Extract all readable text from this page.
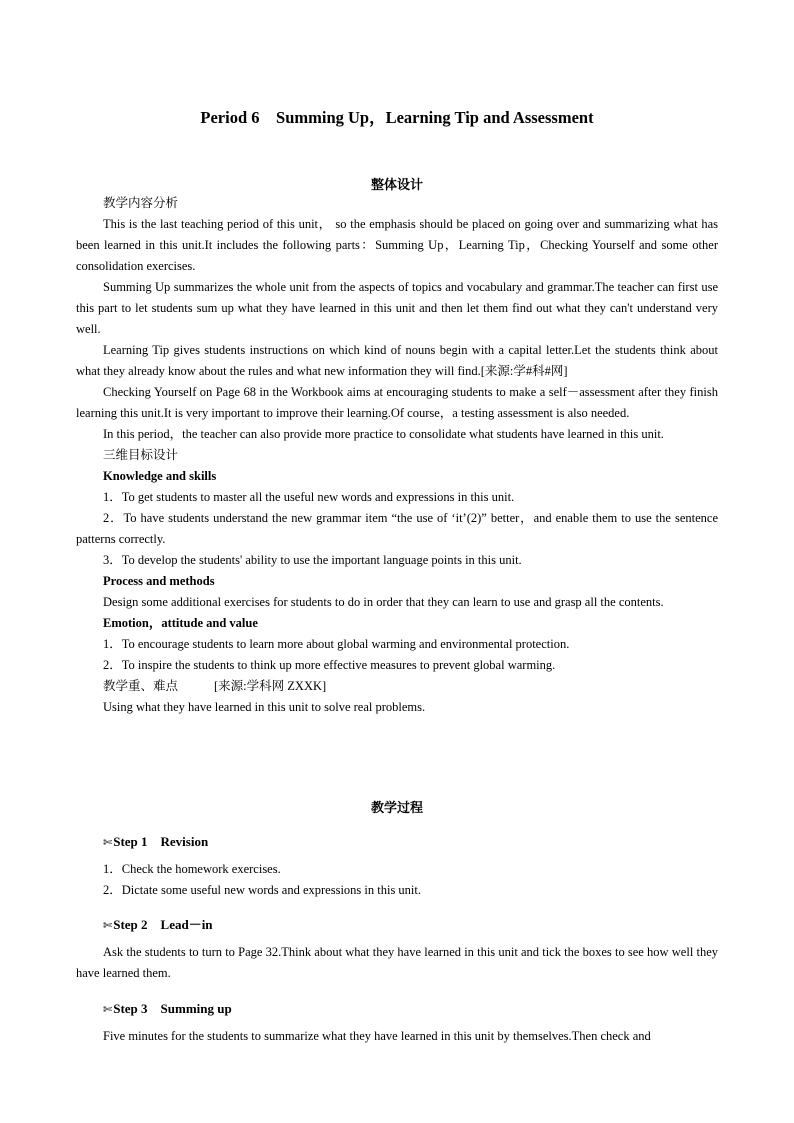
Period 6　Summing Up，Learning Tip and Assessment
整体设计

教学内容分析

This is the last teaching period of this unit， so the emphasis should be placed on going over and summarizing what has been learned in this unit.It includes the following parts：Summing Up，Learning Tip，Checking Yourself and some other consolidation exercises.

Summing Up summarizes the whole unit from the aspects of topics and vocabulary and grammar.The teacher can first use this part to let students sum up what they have learned in this unit and then let them find out what they can't understand very well.

Learning Tip gives students instructions on which kind of nouns begin with a capital letter.Let the students think about what they already know about the rules and what new information they will find.[来源:学#科#网]

Checking Yourself on Page 68 in the Workbook aims at encouraging students to make a self－assessment after they finish learning this unit.It is very important to improve their learning.Of course，a testing assessment is also needed.

In this period，the teacher can also provide more practice to consolidate what students have learned in this unit.

三维目标设计

Knowledge and skills

1．To get students to master all the useful new words and expressions in this unit.

2．To have students understand the new grammar item “the use of ‘it’(2)” better，and enable them to use the sentence patterns correctly.

3．To develop the students' ability to use the important language points in this unit.

Process and methods

Design some additional exercises for students to do in order that they can learn to use and grasp all the contents.

Emotion，attitude and value

1．To encourage students to learn more about global warming and environmental protection.

2．To inspire the students to think up more effective measures to prevent global warming.

教学重、难点	[来源:学科网 ZXXK]

Using what they have learned in this unit to solve real problems.

教学过程
✄Step 1　Revision

1．Check the homework exercises.

2．Dictate some useful new words and expressions in this unit.

✄Step 2　Lead－in

Ask the students to turn to Page 32.Think about what they have learned in this unit and tick the boxes to see how well they have learned them.

✄Step 3　Summing up

Five minutes for the students to summarize what they have learned in this unit by themselves.Then check and
